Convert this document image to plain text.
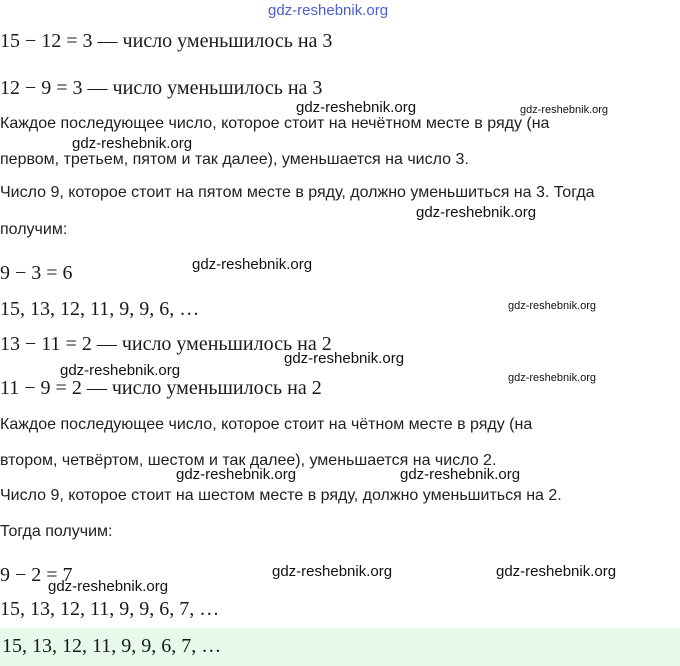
15 − 12 = 3 — число уменьшилось на 3
12 − 9 = 3 — число уменьшилось на 3
Каждое последующее число, которое стоит на нечётном месте в ряду (на
первом, третьем, пятом и так далее), уменьшается на число 3.
Число 9, которое стоит на пятом месте в ряду, должно уменьшиться на 3. Тогда
получим:
9 − 3 = 6
15, 13, 12, 11, 9, 9, 6, …
13 − 11 = 2 — число уменьшилось на 2
11 − 9 = 2 — число уменьшилось на 2
Каждое последующее число, которое стоит на чётном месте в ряду (на
втором, четвёртом, шестом и так далее), уменьшается на число 2.
Число 9, которое стоит на шестом месте в ряду, должно уменьшиться на 2.
Тогда получим:
9 − 2 = 7
15, 13, 12, 11, 9, 9, 6, 7, …
15, 13, 12, 11, 9, 9, 6, 7, …
gdz-reshebnik.org
gdz-reshebnik.org	gdz-reshebnik.org
gdz-reshebnik.org
gdz-reshebnik.org
gdz-reshebnik.org
gdz-reshebnik.org
gdz-reshebnik.org
gdz-reshebnik.org	gdz-reshebnik.org
gdz-reshebnik.org	gdz-reshebnik.org
gdz-reshebnik.org	gdz-reshebnik.org
gdz-reshebnik.org
